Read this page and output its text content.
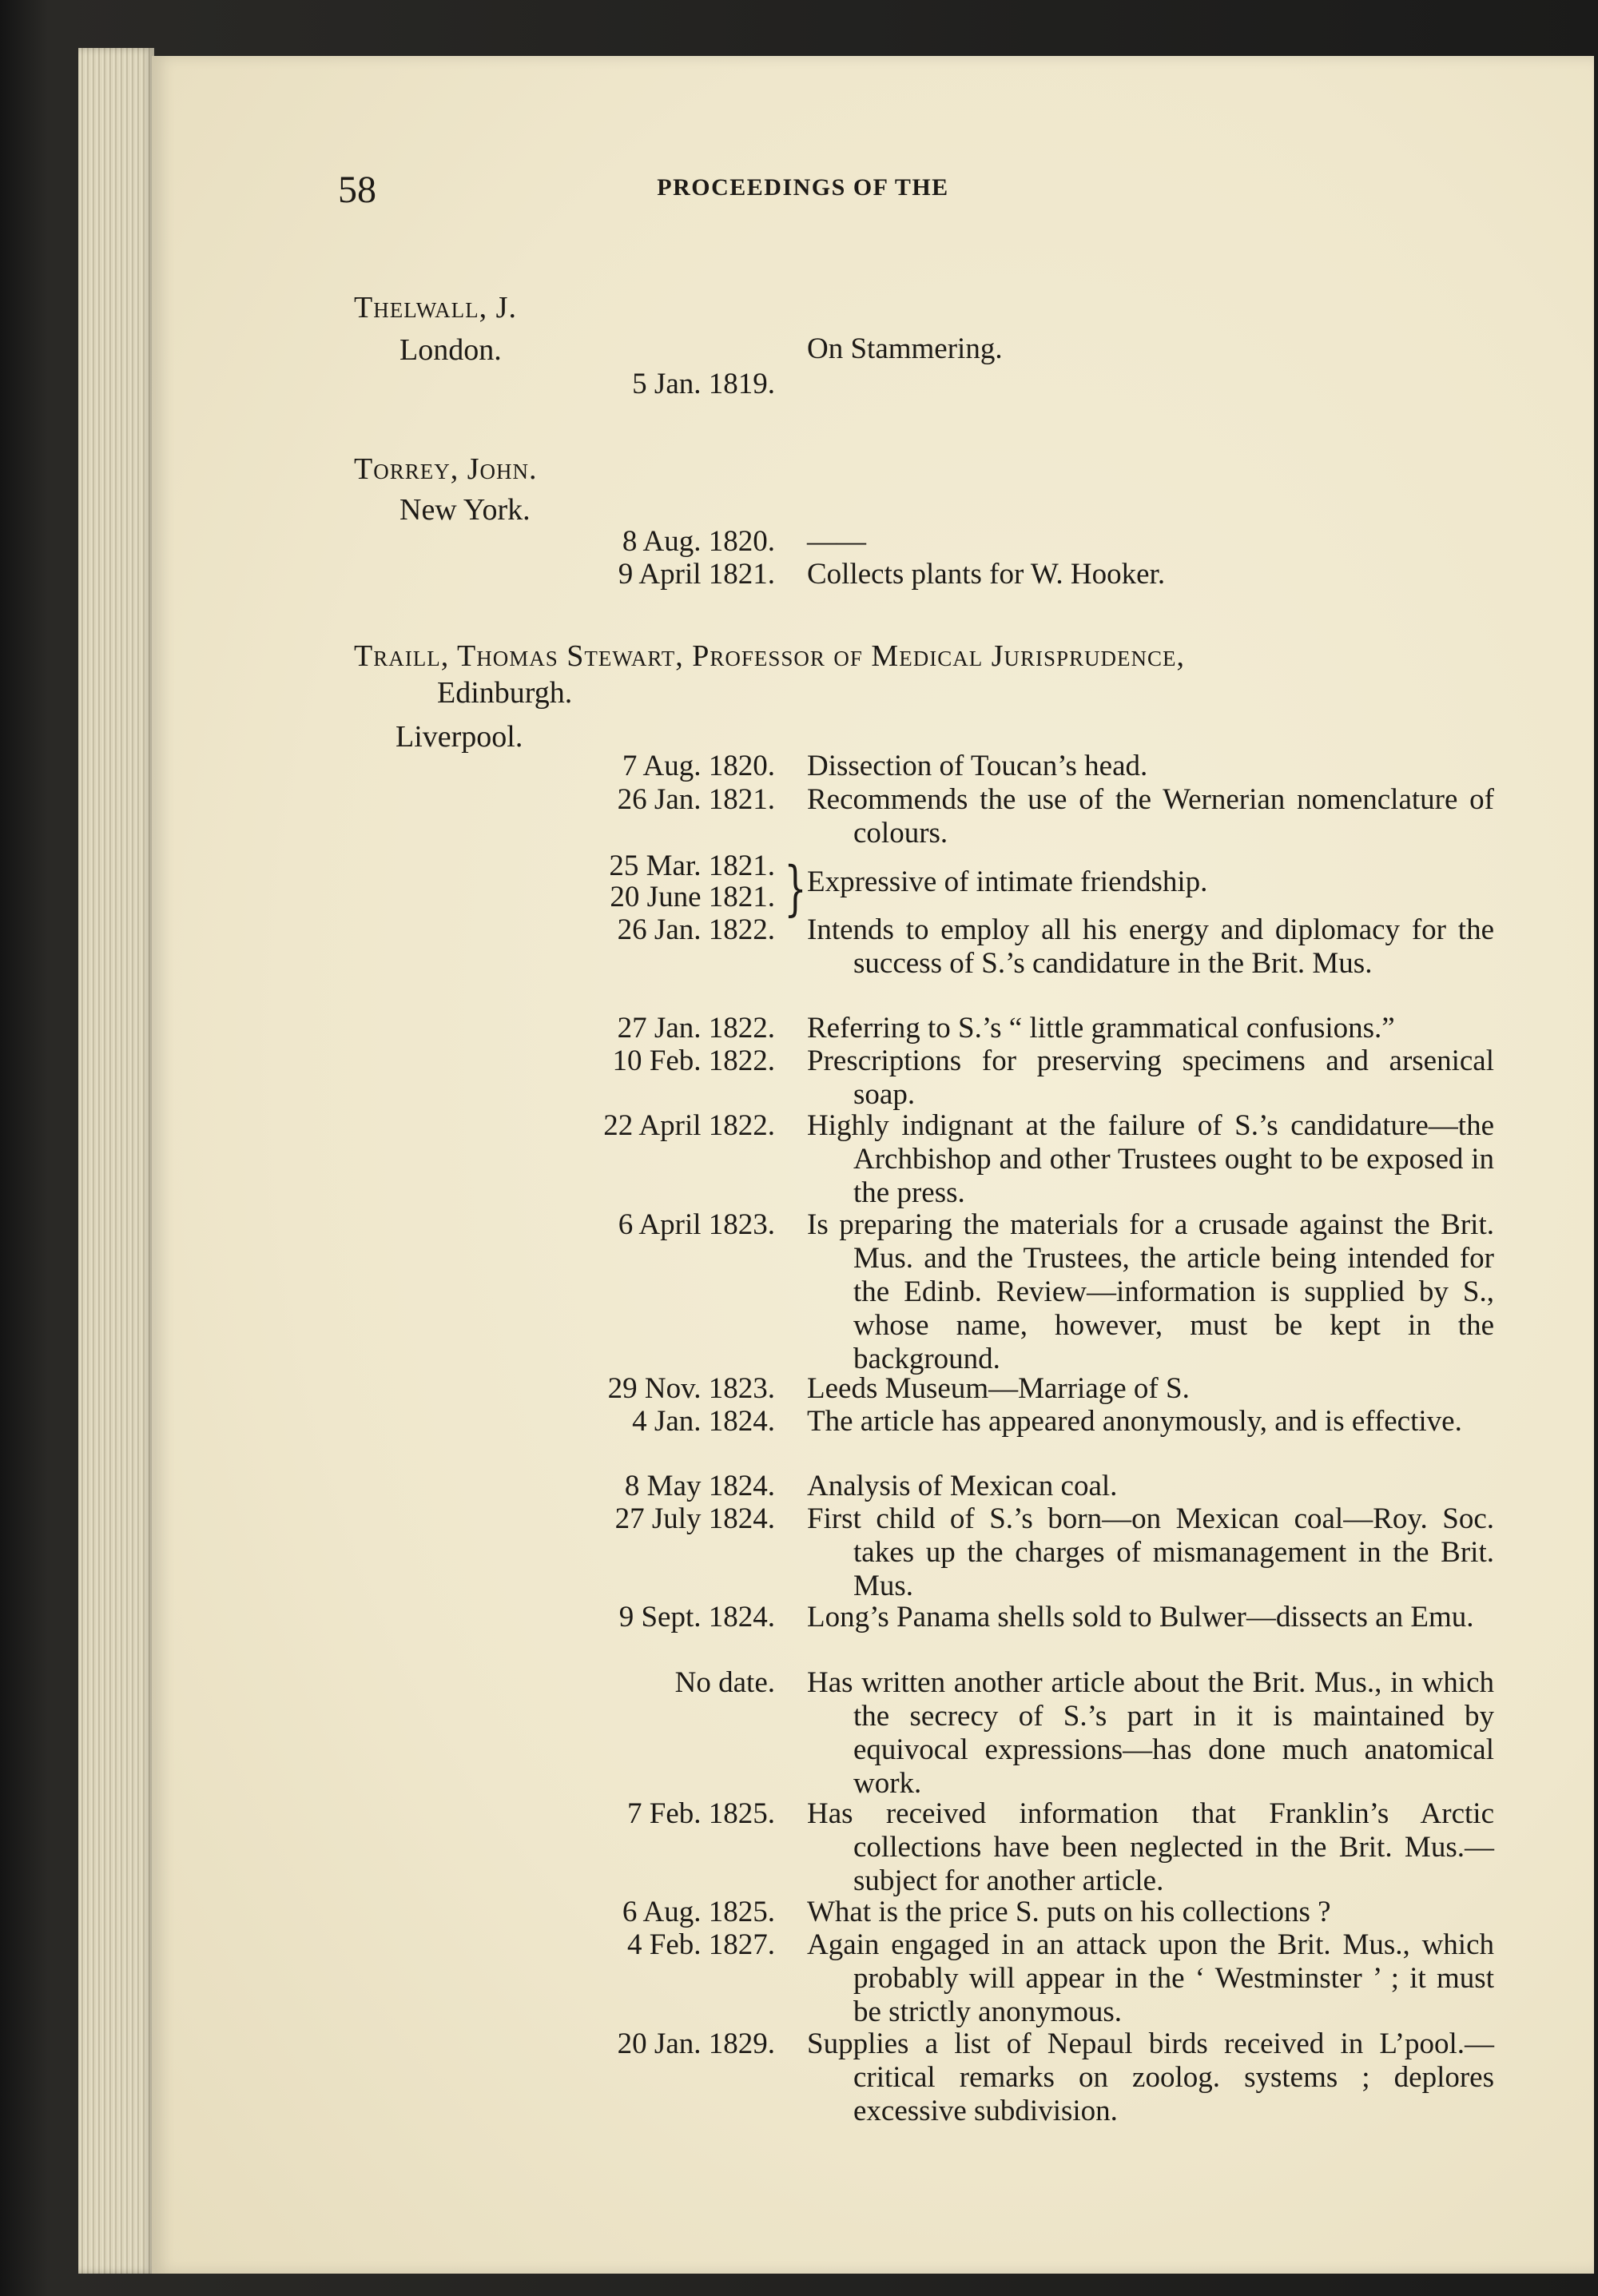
58	PROCEEDINGS OF THE
Thelwall, J.
London.	On Stammering.
5 Jan. 1819.
Torrey, John.
New York.
8 Aug. 1820. ——
9 April 1821. Collects plants for W. Hooker.
Traill, Thomas Stewart, Professor of Medical Jurisprudence,
Edinburgh.
Liverpool.
7 Aug. 1820. Dissection of Toucan’s head.
26 Jan. 1821. Recommends the use of the Wernerian nomenclature of colours.
25 Mar. 1821.
20 June 1821. } Expressive of intimate friendship.
26 Jan. 1822. Intends to employ all his energy and diplomacy for the success of S.’s candidature in the Brit. Mus.
27 Jan. 1822. Referring to S.’s “ little grammatical confusions.”
10 Feb. 1822. Prescriptions for preserving specimens and arsenical soap.
22 April 1822. Highly indignant at the failure of S.’s candidature—the Archbishop and other Trustees ought to be exposed in the press.
6 April 1823. Is preparing the materials for a crusade against the Brit. Mus. and the Trustees, the article being intended for the Edinb. Review—information is supplied by S., whose name, however, must be kept in the background.
29 Nov. 1823. Leeds Museum—Marriage of S.
4 Jan. 1824. The article has appeared anonymously, and is effective.
8 May 1824. Analysis of Mexican coal.
27 July 1824. First child of S.’s born—on Mexican coal—Roy. Soc. takes up the charges of mismanagement in the Brit. Mus.
9 Sept. 1824. Long’s Panama shells sold to Bulwer—dissects an Emu.
No date. Has written another article about the Brit. Mus., in which the secrecy of S.’s part in it is maintained by equivocal expressions—has done much anatomical work.
7 Feb. 1825. Has received information that Franklin’s Arctic collections have been neglected in the Brit. Mus.—subject for another article.
6 Aug. 1825. What is the price S. puts on his collections ?
4 Feb. 1827. Again engaged in an attack upon the Brit. Mus., which probably will appear in the ‘ Westminster ’ ; it must be strictly anonymous.
20 Jan. 1829. Supplies a list of Nepaul birds received in L’pool.—critical remarks on zoolog. systems ; deplores excessive subdivision.
